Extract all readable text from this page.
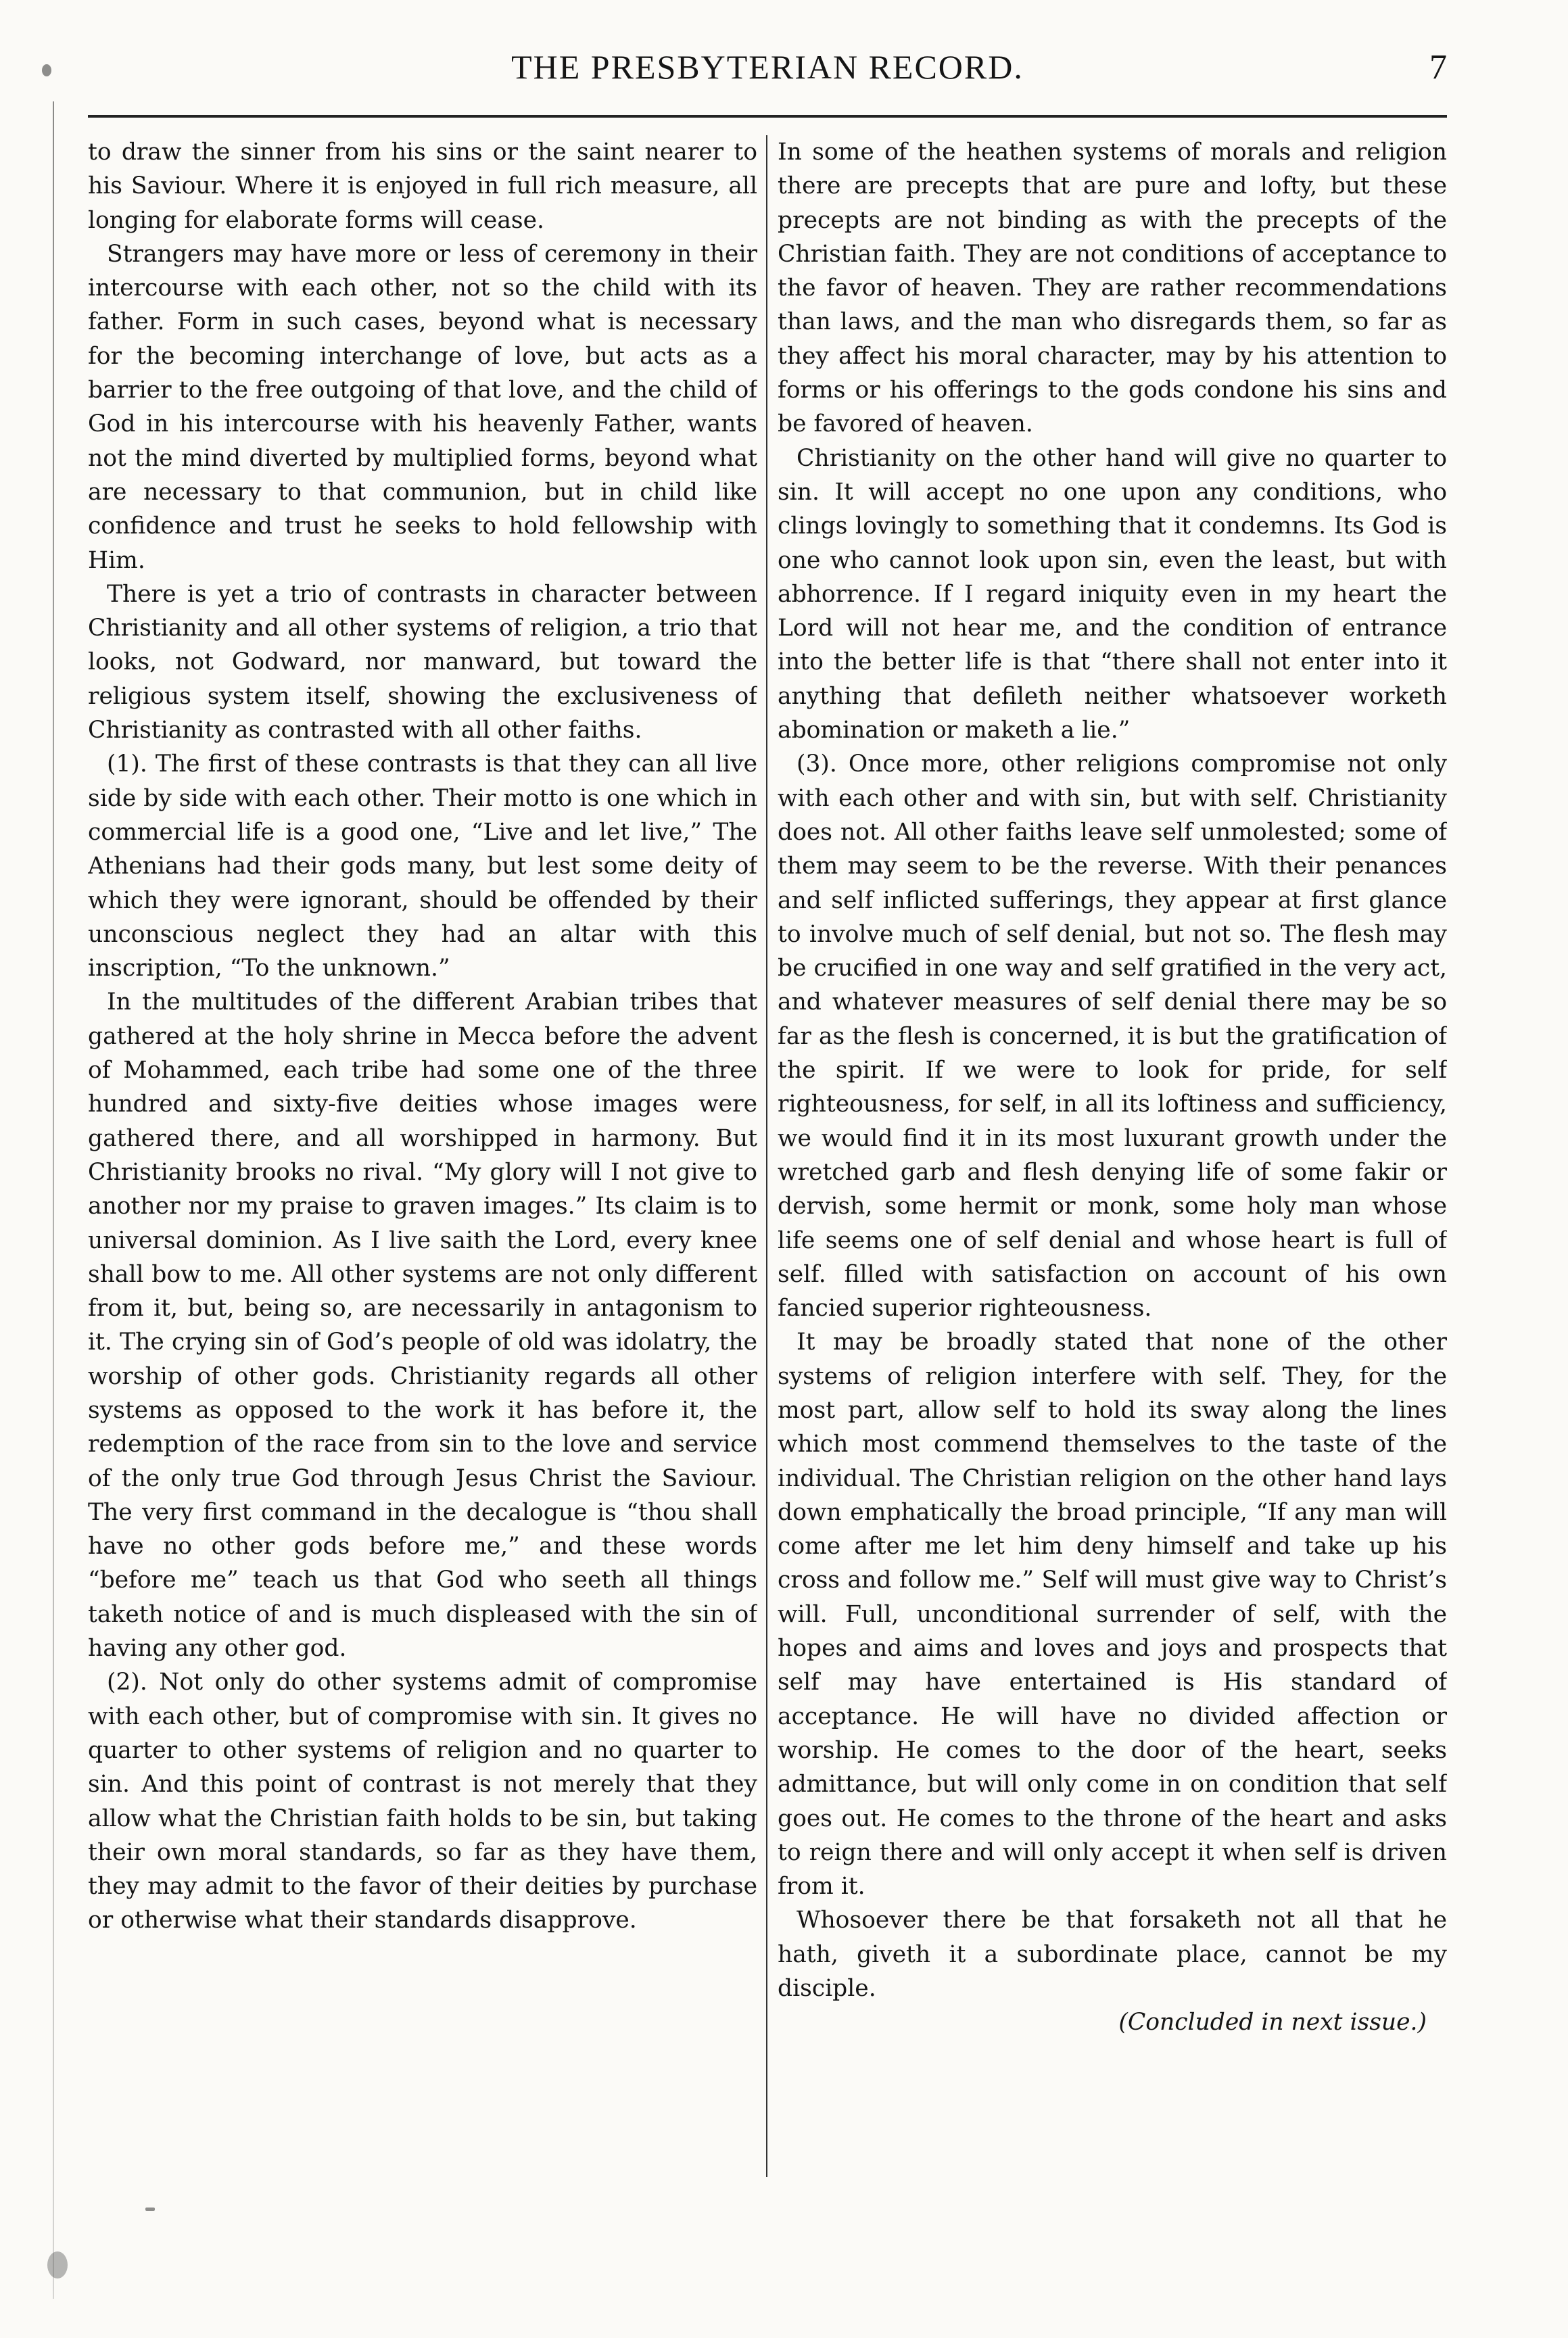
THE PRESBYTERIAN RECORD.	7

to draw the sinner from his sins or the saint nearer to his Saviour. Where it is enjoyed in full rich measure, all longing for elaborate forms will cease.

Strangers may have more or less of ceremony in their intercourse with each other, not so the child with its father. Form in such cases, beyond what is necessary for the becoming interchange of love, but acts as a barrier to the free outgoing of that love, and the child of God in his intercourse with his heavenly Father, wants not the mind diverted by multiplied forms, beyond what are necessary to that communion, but in child like confidence and trust he seeks to hold fellowship with Him.

There is yet a trio of contrasts in character between Christianity and all other systems of religion, a trio that looks, not Godward, nor manward, but toward the religious system itself, showing the exclusiveness of Christianity as contrasted with all other faiths.

(1). The first of these contrasts is that they can all live side by side with each other. Their motto is one which in commercial life is a good one, “Live and let live,” The Athenians had their gods many, but lest some deity of which they were ignorant, should be offended by their unconscious neglect they had an altar with this inscription, “To the unknown.”

In the multitudes of the different Arabian tribes that gathered at the holy shrine in Mecca before the advent of Mohammed, each tribe had some one of the three hundred and sixty-five deities whose images were gathered there, and all worshipped in harmony. But Christianity brooks no rival. “My glory will I not give to another nor my praise to graven images.” Its claim is to universal dominion. As I live saith the Lord, every knee shall bow to me. All other systems are not only different from it, but, being so, are necessarily in antagonism to it. The crying sin of God’s people of old was idolatry, the worship of other gods. Christianity regards all other systems as opposed to the work it has before it, the redemption of the race from sin to the love and service of the only true God through Jesus Christ the Saviour. The very first command in the decalogue is “thou shall have no other gods before me,” and these words “before me” teach us that God who seeth all things taketh notice of and is much displeased with the sin of having any other god.

(2). Not only do other systems admit of compromise with each other, but of compromise with sin. It gives no quarter to other systems of religion and no quarter to sin. And this point of contrast is not merely that they allow what the Christian faith holds to be sin, but taking their own moral standards, so far as they have them, they may admit to the favor of their deities by purchase or otherwise what their standards disapprove.

In some of the heathen systems of morals and religion there are precepts that are pure and lofty, but these precepts are not binding as with the precepts of the Christian faith. They are not conditions of acceptance to the favor of heaven. They are rather recommendations than laws, and the man who disregards them, so far as they affect his moral character, may by his attention to forms or his offerings to the gods condone his sins and be favored of heaven.

Christianity on the other hand will give no quarter to sin. It will accept no one upon any conditions, who clings lovingly to something that it condemns. Its God is one who cannot look upon sin, even the least, but with abhorrence. If I regard iniquity even in my heart the Lord will not hear me, and the condition of entrance into the better life is that “there shall not enter into it anything that defileth neither whatsoever worketh abomination or maketh a lie.”

(3). Once more, other religions compromise not only with each other and with sin, but with self. Christianity does not. All other faiths leave self unmolested; some of them may seem to be the reverse. With their penances and self inflicted sufferings, they appear at first glance to involve much of self denial, but not so. The flesh may be crucified in one way and self gratified in the very act, and whatever measures of self denial there may be so far as the flesh is concerned, it is but the gratification of the spirit. If we were to look for pride, for self righteousness, for self, in all its loftiness and sufficiency, we would find it in its most luxurant growth under the wretched garb and flesh denying life of some fakir or dervish, some hermit or monk, some holy man whose life seems one of self denial and whose heart is full of self. filled with satisfaction on account of his own fancied superior righteousness.

It may be broadly stated that none of the other systems of religion interfere with self. They, for the most part, allow self to hold its sway along the lines which most commend themselves to the taste of the individual. The Christian religion on the other hand lays down emphatically the broad principle, “If any man will come after me let him deny himself and take up his cross and follow me.” Self will must give way to Christ’s will. Full, unconditional surrender of self, with the hopes and aims and loves and joys and prospects that self may have entertained is His standard of acceptance. He will have no divided affection or worship. He comes to the door of the heart, seeks admittance, but will only come in on condition that self goes out. He comes to the throne of the heart and asks to reign there and will only accept it when self is driven from it.

Whosoever there be that forsaketh not all that he hath, giveth it a subordinate place, cannot be my disciple.

(Concluded in next issue.)
